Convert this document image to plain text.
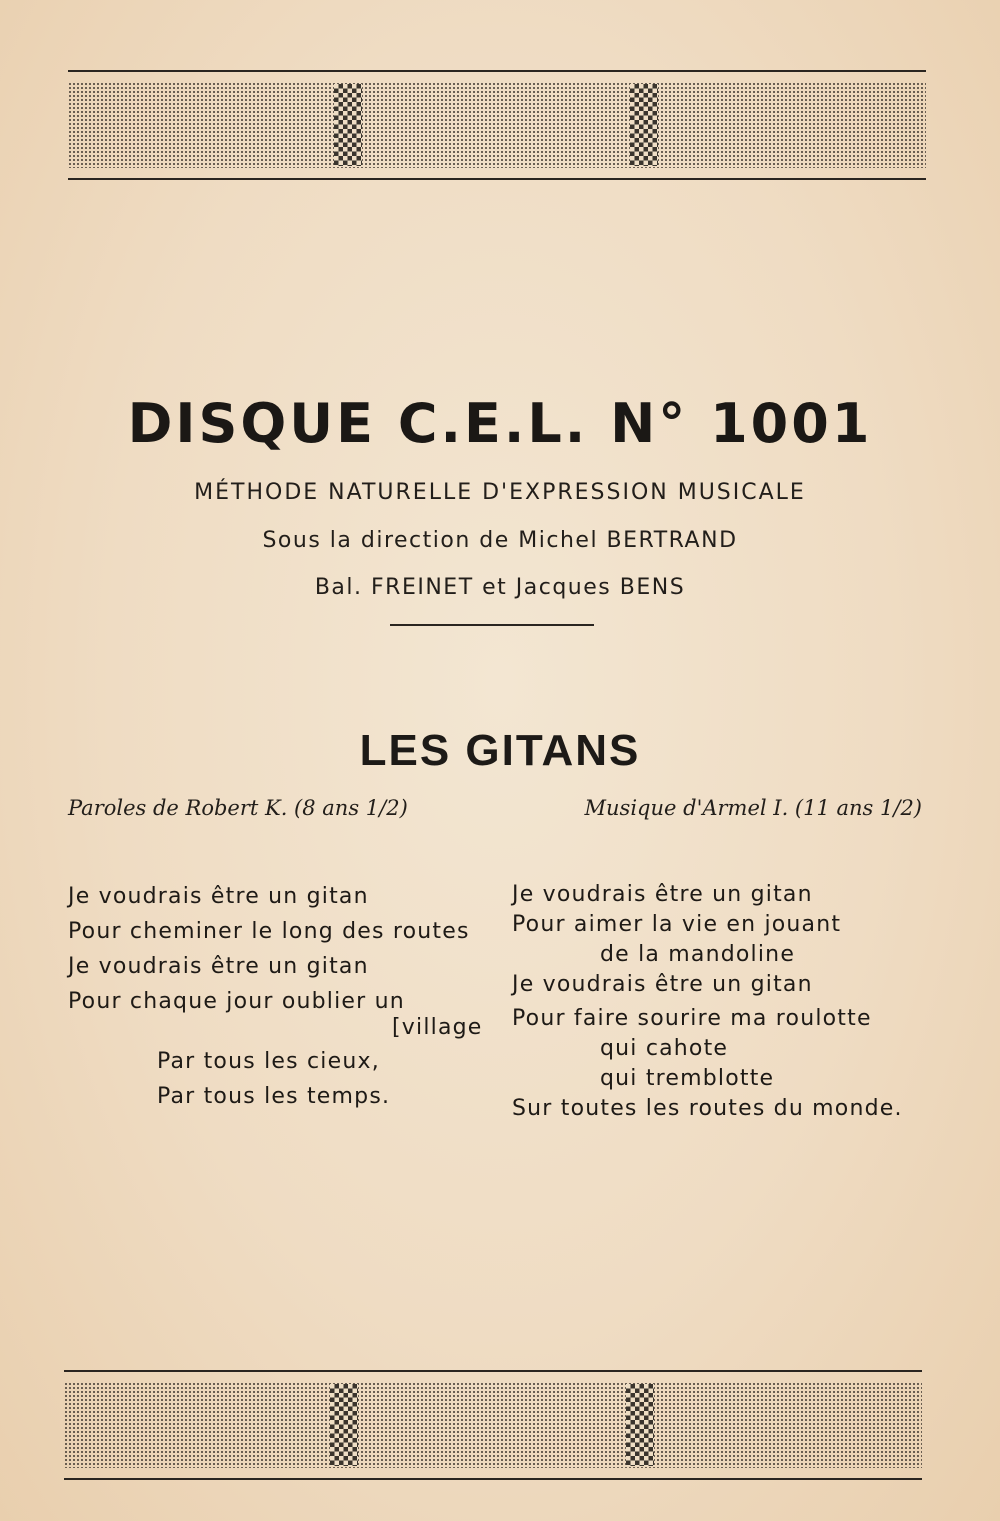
DISQUE C.E.L. N° 1001

MÉTHODE NATURELLE D'EXPRESSION MUSICALE

Sous la direction de Michel BERTRAND

Bal. FREINET et Jacques BENS

LES GITANS

Paroles de Robert K. (8 ans 1/2)	Musique d'Armel I. (11 ans 1/2)

Je voudrais être un gitan

Pour cheminer le long des routes

Je voudrais être un gitan

Pour chaque jour oublier un

[village

Par tous les cieux,

Par tous les temps.

Je voudrais être un gitan

Pour aimer la vie en jouant

de la mandoline

Je voudrais être un gitan

Pour faire sourire ma roulotte

qui cahote

qui tremblotte

Sur toutes les routes du monde.
